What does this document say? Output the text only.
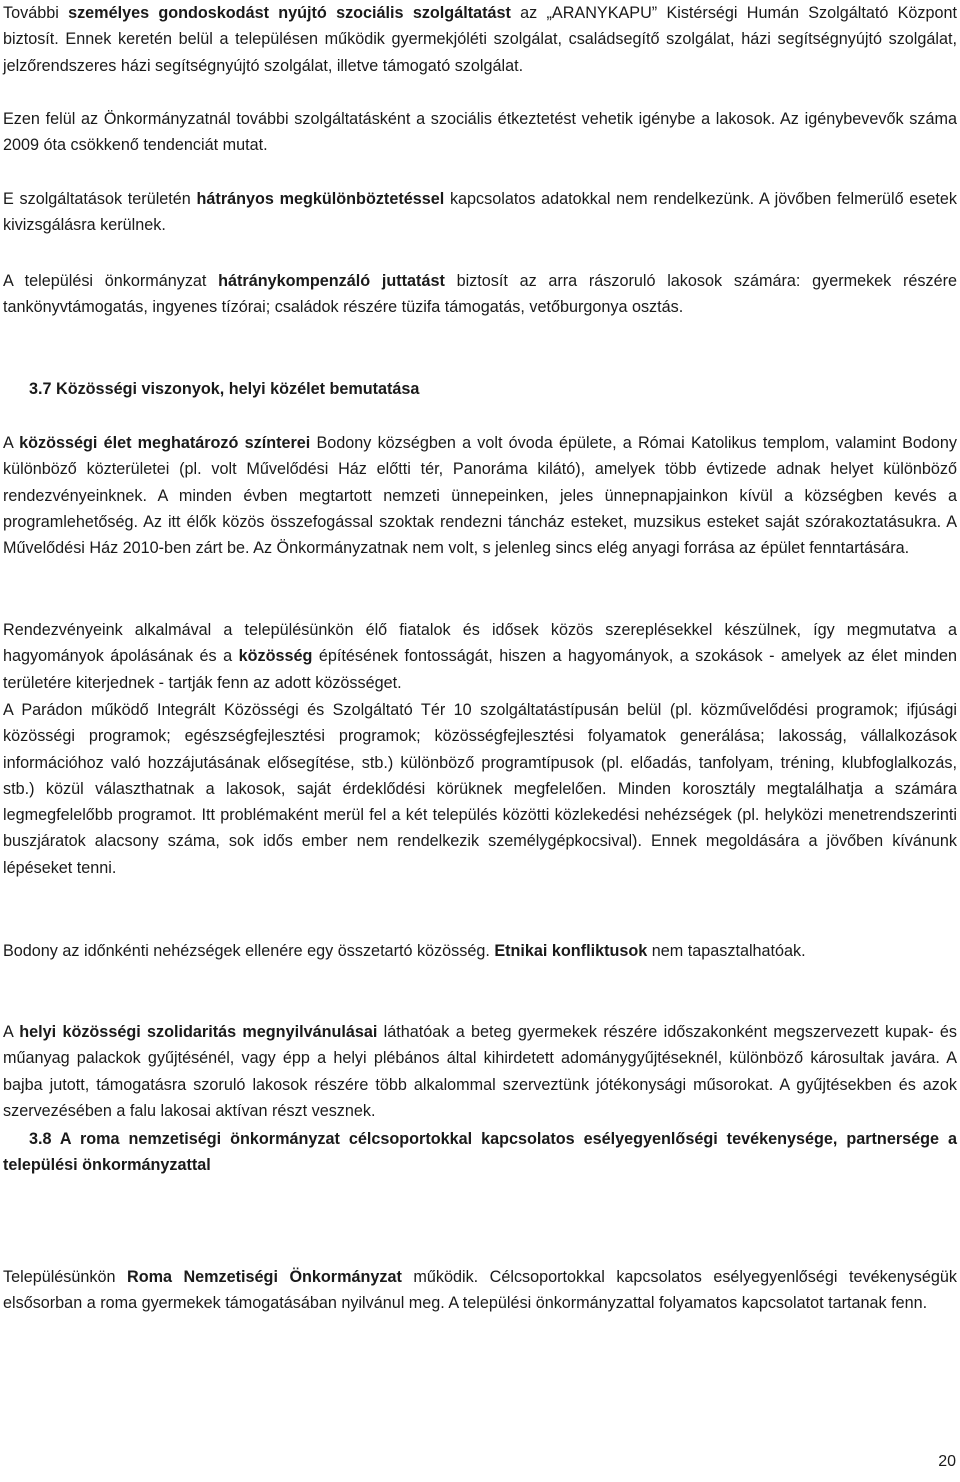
További személyes gondoskodást nyújtó szociális szolgáltatást az „ARANYKAPU” Kistérségi Humán Szolgáltató Központ biztosít. Ennek keretén belül a településen működik gyermekjóléti szolgálat, családsegítő szolgálat, házi segítségnyújtó szolgálat, jelzőrendszeres házi segítségnyújtó szolgálat, illetve támogató szolgálat.

Ezen felül az Önkormányzatnál további szolgáltatásként a szociális étkeztetést vehetik igénybe a lakosok. Az igénybevevők száma 2009 óta csökkenő tendenciát mutat.

E szolgáltatások területén hátrányos megkülönböztetéssel kapcsolatos adatokkal nem rendelkezünk. A jövőben felmerülő esetek kivizsgálásra kerülnek.

A települési önkormányzat hátránykompenzáló juttatást biztosít az arra rászoruló lakosok számára: gyermekek részére tankönyvtámogatás, ingyenes tízórai; családok részére tüzifa támogatás, vetőburgonya osztás.

3.7 Közösségi viszonyok, helyi közélet bemutatása

A közösségi élet meghatározó színterei Bodony községben a volt óvoda épülete, a Római Katolikus templom, valamint Bodony különböző közterületei (pl. volt Művelődési Ház előtti tér, Panoráma kilátó), amelyek több évtizede adnak helyet különböző rendezvényeinknek. A minden évben megtartott nemzeti ünnepeinken, jeles ünnepnapjainkon kívül a községben kevés a programlehetőség. Az itt élők közös összefogással szoktak rendezni táncház esteket, muzsikus esteket saját szórakoztatásukra. A Művelődési Ház 2010-ben zárt be. Az Önkormányzatnak nem volt, s jelenleg sincs elég anyagi forrása az épület fenntartására.

Rendezvényeink alkalmával a településünkön élő fiatalok és idősek közös szereplésekkel készülnek, így megmutatva a hagyományok ápolásának és a közösség építésének fontosságát, hiszen a hagyományok, a szokások - amelyek az élet minden területére kiterjednek - tartják fenn az adott közösséget.

A Parádon működő Integrált Közösségi és Szolgáltató Tér 10 szolgáltatástípusán belül (pl. közművelődési programok; ifjúsági közösségi programok; egészségfejlesztési programok; közösségfejlesztési folyamatok generálása; lakosság, vállalkozások információhoz való hozzájutásának elősegítése, stb.) különböző programtípusok (pl. előadás, tanfolyam, tréning, klubfoglalkozás, stb.) közül választhatnak a lakosok, saját érdeklődési körüknek megfelelően. Minden korosztály megtalálhatja a számára legmegfelelőbb programot. Itt problémaként merül fel a két település közötti közlekedési nehézségek (pl. helyközi menetrendszerinti buszjáratok alacsony száma, sok idős ember nem rendelkezik személygépkocsival). Ennek megoldására a jövőben kívánunk lépéseket tenni.

Bodony az időnkénti nehézségek ellenére egy összetartó közösség. Etnikai konfliktusok nem tapasztalhatóak.

A helyi közösségi szolidaritás megnyilvánulásai láthatóak a beteg gyermekek részére időszakonként megszervezett kupak- és műanyag palackok gyűjtésénél, vagy épp a helyi plébános által kihirdetett adománygyűjtéseknél, különböző károsultak javára. A bajba jutott, támogatásra szoruló lakosok részére több alkalommal szerveztünk jótékonysági műsorokat. A gyűjtésekben és azok szervezésében a falu lakosai aktívan részt vesznek.

3.8 A roma nemzetiségi önkormányzat célcsoportokkal kapcsolatos esélyegyenlőségi tevékenysége, partnersége a települési önkormányzattal

Településünkön Roma Nemzetiségi Önkormányzat működik. Célcsoportokkal kapcsolatos esélyegyenlőségi tevékenységük elsősorban a roma gyermekek támogatásában nyilvánul meg. A települési önkormányzattal folyamatos kapcsolatot tartanak fenn.

20
